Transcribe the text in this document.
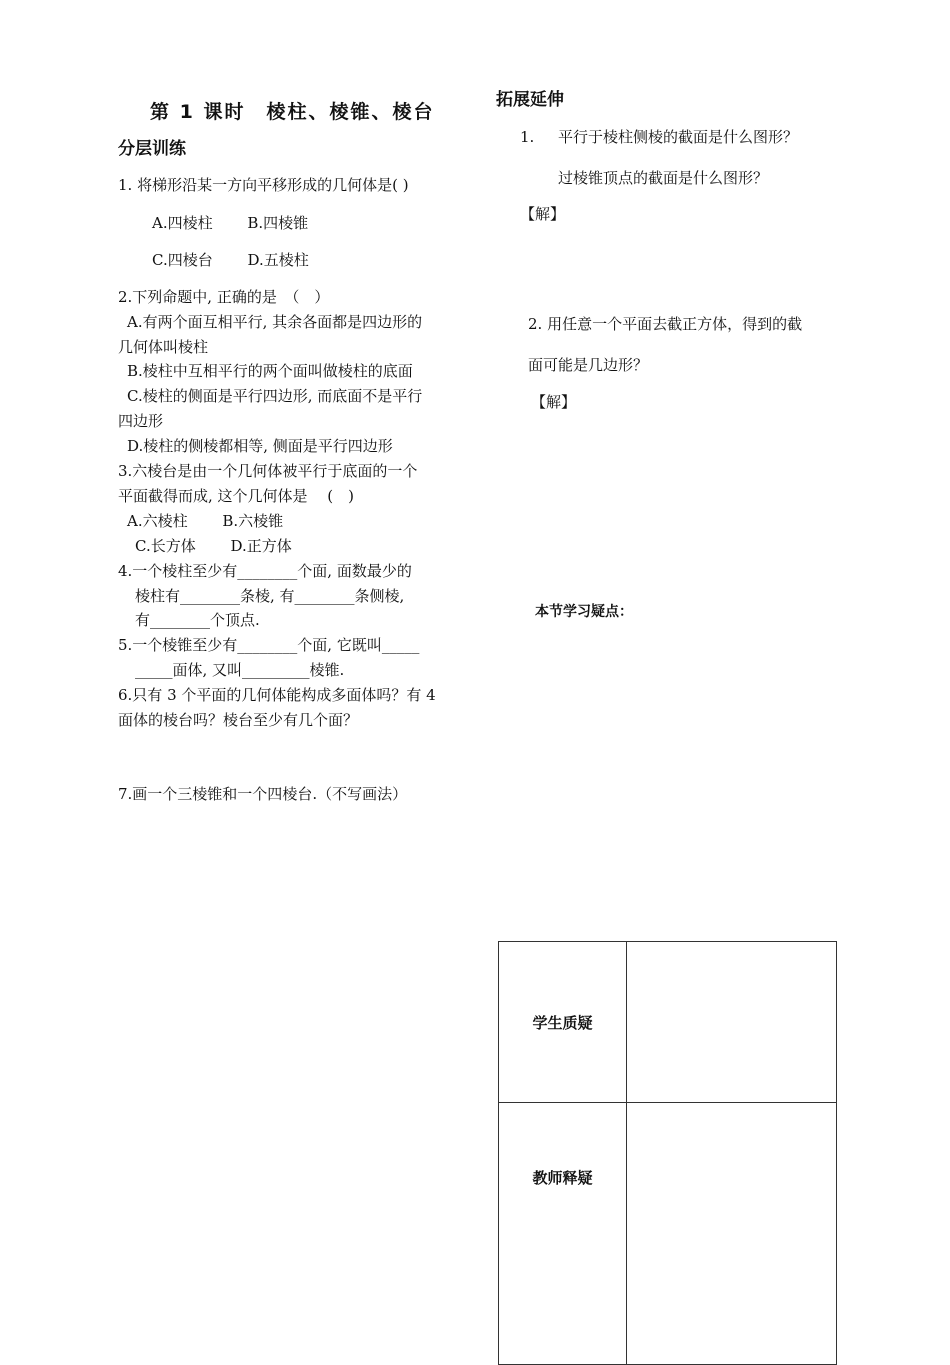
第 1 课时　棱柱、棱锥、棱台
分层训练
1. 将梯形沿某一方向平移形成的几何体是( )
A.四棱柱　　 B.四棱锥
C.四棱台　　 D.五棱柱
2.下列命题中, 正确的是　（　）
A.有两个面互相平行, 其余各面都是四边形的
几何体叫棱柱
B.棱柱中互相平行的两个面叫做棱柱的底面
C.棱柱的侧面是平行四边形, 而底面不是平行
四边形
D.棱柱的侧棱都相等, 侧面是平行四边形
3.六棱台是由一个几何体被平行于底面的一个
平面截得而成, 这个几何体是　 (　)
A.六棱柱　　 B.六棱锥
C.长方体　　 D.正方体
4.一个棱柱至少有________个面, 面数最少的
棱柱有________条棱, 有________条侧棱,
有________个顶点.
5.一个棱锥至少有________个面, 它既叫_____
_____面体, 又叫_________棱锥.
6.只有 3 个平面的几何体能构成多面体吗？有 4
面体的棱台吗？棱台至少有几个面？
7.画一个三棱锥和一个四棱台.（不写画法）
拓展延伸
1. 平行于棱柱侧棱的截面是什么图形？
过棱锥顶点的截面是什么图形？
【解】
2. 用任意一个平面去截正方体，得到的截
面可能是几边形？
【解】
本节学习疑点：
学生质疑	
教师释疑	
